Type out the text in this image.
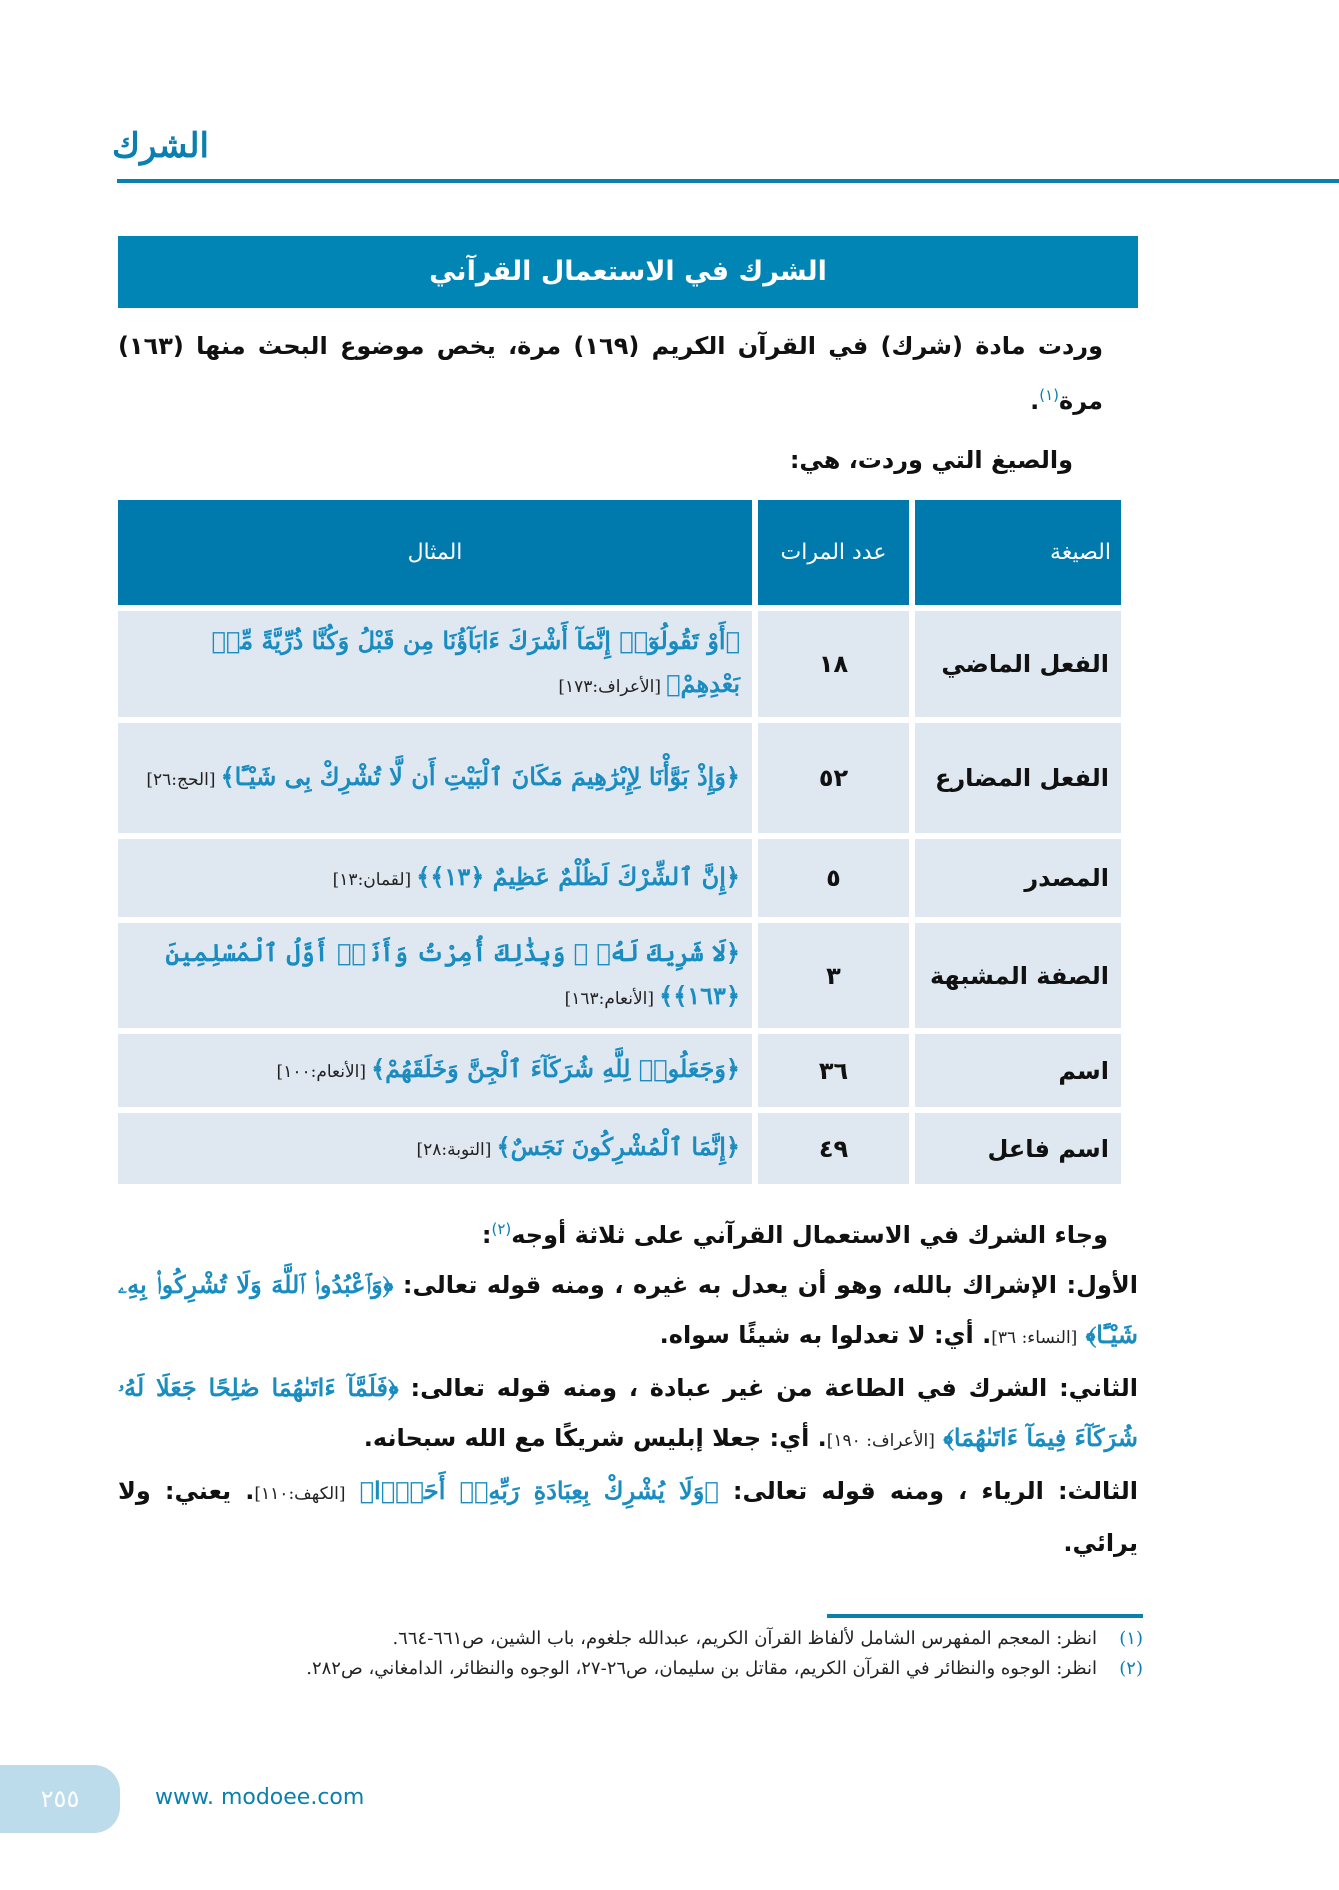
الشرك
الشرك في الاستعمال القرآني
وردت مادة (شرك) في القرآن الكريم (١٦٩) مرة، يخص موضوع البحث منها (١٦٣) مرة$^{(١)}$.
والصيغ التي وردت، هي:
الصيغة	عدد المرات	المثال
الفعل الماضي	١٨	﴿أَوْ تَقُولُوٓا۟ إِنَّمَآ أَشْرَكَ ءَابَآؤُنَا مِن قَبْلُ وَكُنَّا ذُرِّيَّةً مِّنۢ بَعْدِهِمْ﴾ [الأعراف:١٧٣]
الفعل المضارع	٥٢	﴿وَإِذْ بَوَّأْنَا لِإِبْرَٰهِيمَ مَكَانَ ٱلْبَيْتِ أَن لَّا تُشْرِكْ بِى شَيْـًٔا﴾ [الحج:٢٦]
المصدر	٥	﴿إِنَّ ٱلشِّرْكَ لَظُلْمٌ عَظِيمٌ ﴿١٣﴾﴾ [لقمان:١٣]
الصفة المشبهة	٣	﴿لَا شَرِيكَ لَهُۥ ۖ وَبِذَٰلِكَ أُمِرْتُ وَأَنَا۠ أَوَّلُ ٱلْمُسْلِمِينَ ﴿١٦٣﴾﴾ [الأنعام:١٦٣]
اسم	٣٦	﴿وَجَعَلُوا۟ لِلَّهِ شُرَكَآءَ ٱلْجِنَّ وَخَلَقَهُمْ﴾ [الأنعام:١٠٠]
اسم فاعل	٤٩	﴿إِنَّمَا ٱلْمُشْرِكُونَ نَجَسٌ﴾ [التوبة:٢٨]
وجاء الشرك في الاستعمال القرآني على ثلاثة أوجه$^{(٢)}$:
الأول: الإشراك بالله، وهو أن يعدل به غيره ، ومنه قوله تعالى: ﴿وَٱعْبُدُوا۟ ٱللَّهَ وَلَا تُشْرِكُوا۟ بِهِۦ شَيْـًٔا﴾ [النساء: ٣٦]. أي: لا تعدلوا به شيئًا سواه.
الثاني: الشرك في الطاعة من غير عبادة ، ومنه قوله تعالى: ﴿فَلَمَّآ ءَاتَىٰهُمَا صَٰلِحًا جَعَلَا لَهُۥ شُرَكَآءَ فِيمَآ ءَاتَىٰهُمَا﴾ [الأعراف: ١٩٠]. أي: جعلا إبليس شريكًا مع الله سبحانه.
الثالث: الرياء ، ومنه قوله تعالى: ﴿وَلَا يُشْرِكْ بِعِبَادَةِ رَبِّهِۦٓ أَحَدًۢا﴾ [الكهف:١١٠]. يعني: ولا يرائي.
(١)
انظر: المعجم المفهرس الشامل لألفاظ القرآن الكريم، عبدالله جلغوم، باب الشين، ص٦٦١-٦٦٤.
(٢)
انظر: الوجوه والنظائر في القرآن الكريم، مقاتل بن سليمان، ص٢٦-٢٧، الوجوه والنظائر، الدامغاني، ص٢٨٢.
٢٥٥	www. modoee.com
